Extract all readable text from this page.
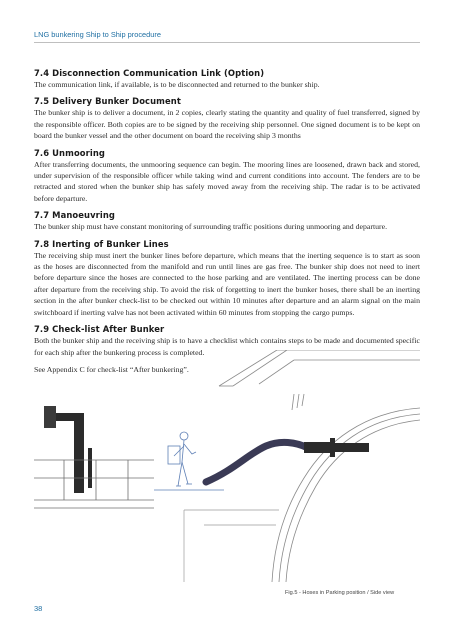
LNG bunkering Ship to Ship procedure
7.4 Disconnection Communication Link (Option)

The communication link, if available, is to be disconnected and returned to the bunker ship.

7.5 Delivery Bunker Document

The bunker ship is to deliver a document, in 2 copies, clearly stating the quantity and quality of fuel transferred, signed by the responsible officer. Both copies are to be signed by the receiving ship personnel. One signed document is to be kept on board the bunker vessel and the other document on board the receiving ship 3 months

7.6 Unmooring

After transferring documents, the unmooring sequence can begin. The mooring lines are loosened, drawn back and stored, under supervision of the responsible officer while taking wind and current conditions into account. The fenders are to be retracted and stored when the bunker ship has safely moved away from the receiving ship. The radar is to be activated before departure.

7.7 Manoeuvring

The bunker ship must have constant monitoring of surrounding traffic positions during unmooring and departure.

7.8 Inerting of Bunker Lines

The receiving ship must inert the bunker lines before departure, which means that the inerting sequence is to start as soon as the hoses are disconnected from the manifold and run until lines are gas free. The bunker ship does not need to inert before departure since the hoses are connected to the hose parking and are ventilated. The inerting process can be done after departure from the receiving ship. To avoid the risk of forgetting to inert the bunker hoses, there shall be an inerting section in the after bunker check-list to be checked out within 10 minutes after departure and an alarm signal on the main switchboard if inerting valve has not been activated within 60 minutes from stopping the cargo pumps.

7.9 Check-list After Bunker

Both the bunker ship and the receiving ship is to have a checklist which contains steps to be made and documented specific for each ship after the bunkering process is completed.

See Appendix C for check-list “After bunkering”.

Fig.5 - Hoses in Parking position / Side view
38
